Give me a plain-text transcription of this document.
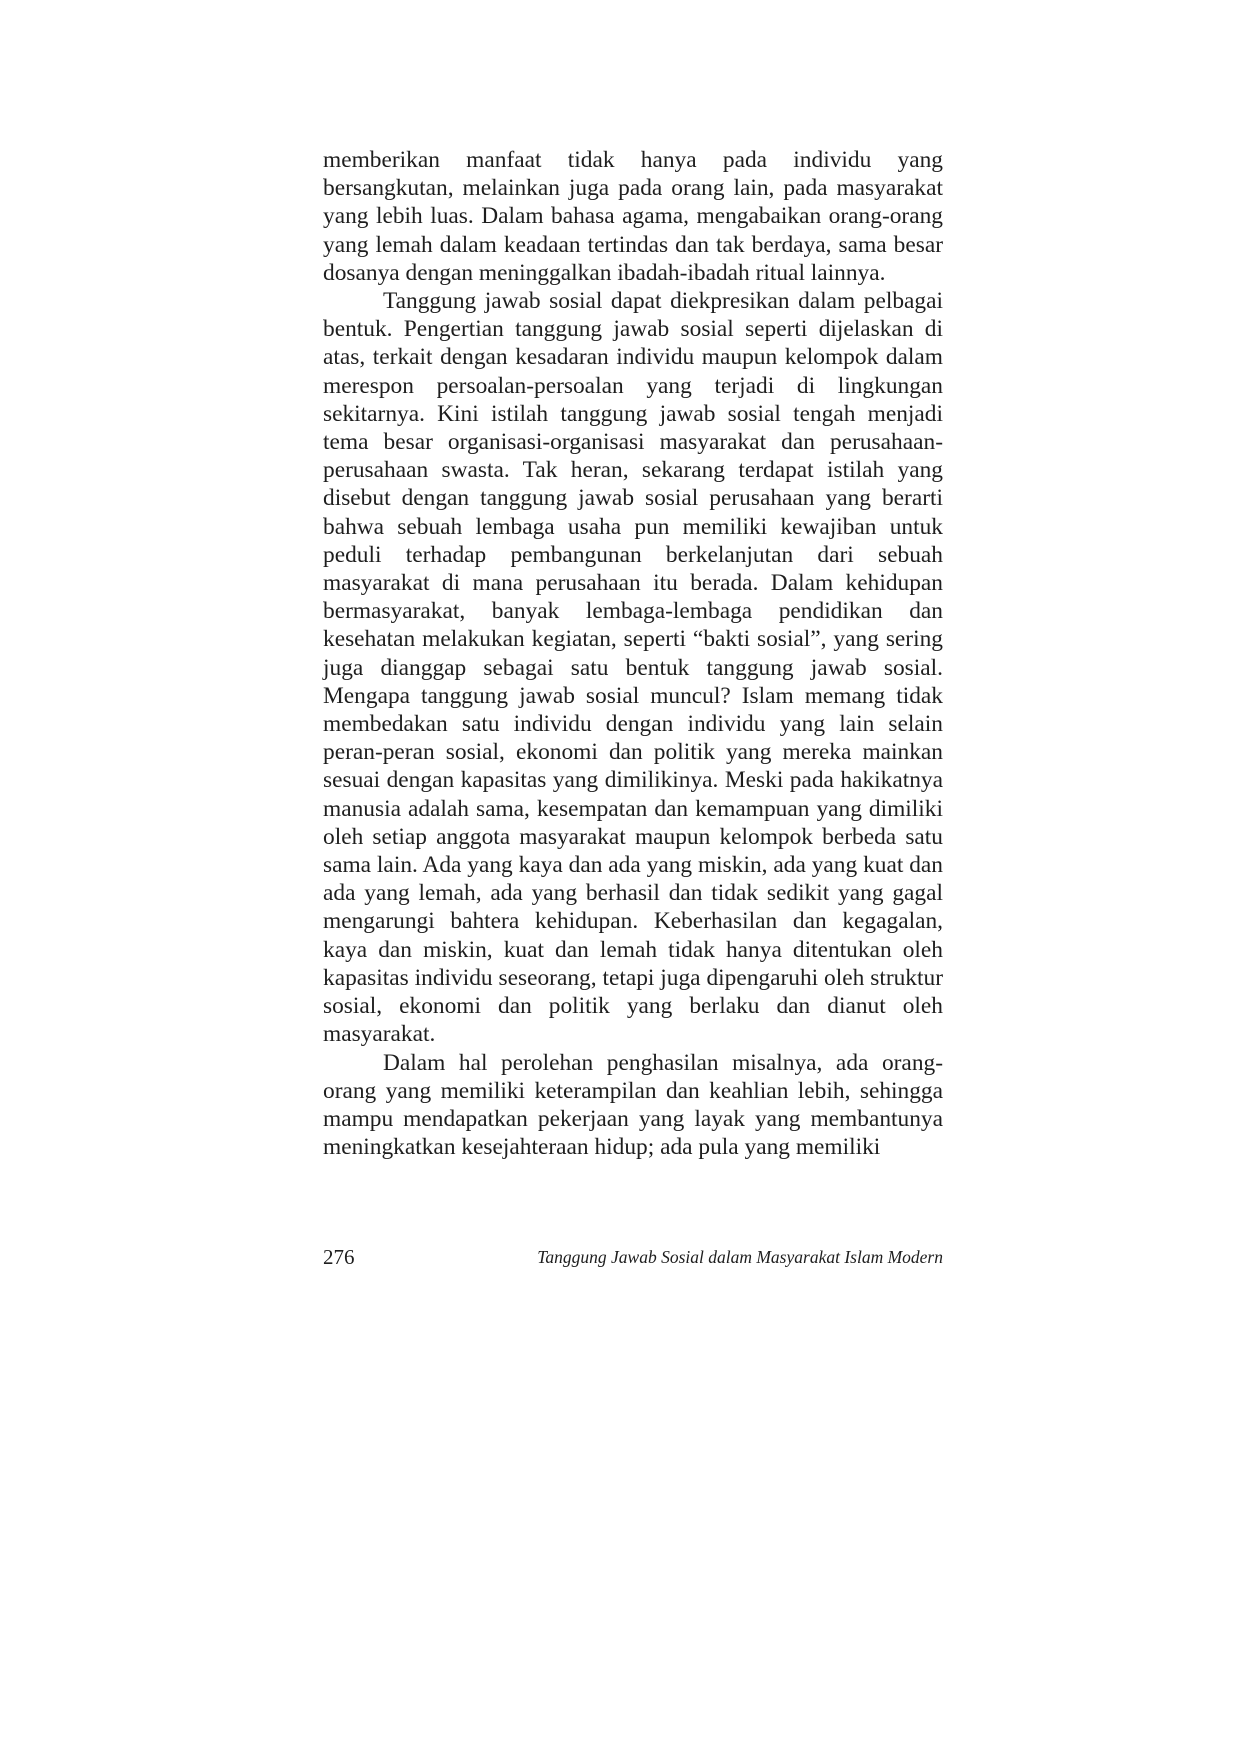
memberikan manfaat tidak hanya pada individu yang bersangkutan, melainkan juga pada orang lain, pada masyarakat yang lebih luas. Dalam bahasa agama, mengabaikan orang-orang yang lemah dalam keadaan tertindas dan tak berdaya, sama besar dosanya dengan meninggalkan ibadah-ibadah ritual lainnya.

Tanggung jawab sosial dapat diekpresikan dalam pelbagai bentuk. Pengertian tanggung jawab sosial seperti dijelaskan di atas, terkait dengan kesadaran individu maupun kelompok dalam merespon persoalan-persoalan yang terjadi di lingkungan sekitarnya. Kini istilah tanggung jawab sosial tengah menjadi tema besar organisasi-organisasi masyarakat dan perusahaan-perusahaan swasta. Tak heran, sekarang terdapat istilah yang disebut dengan tanggung jawab sosial perusahaan yang berarti bahwa sebuah lembaga usaha pun memiliki kewajiban untuk peduli terhadap pembangunan berkelanjutan dari sebuah masyarakat di mana perusahaan itu berada. Dalam kehidupan bermasyarakat, banyak lembaga-lembaga pendidikan dan kesehatan melakukan kegiatan, seperti “bakti sosial”, yang sering juga dianggap sebagai satu bentuk tanggung jawab sosial. Mengapa tanggung jawab sosial muncul? Islam memang tidak membedakan satu individu dengan individu yang lain selain peran-peran sosial, ekonomi dan politik yang mereka mainkan sesuai dengan kapasitas yang dimilikinya. Meski pada hakikatnya manusia adalah sama, kesempatan dan kemampuan yang dimiliki oleh setiap anggota masyarakat maupun kelompok berbeda satu sama lain. Ada yang kaya dan ada yang miskin, ada yang kuat dan ada yang lemah, ada yang berhasil dan tidak sedikit yang gagal mengarungi bahtera kehidupan. Keberhasilan dan kegagalan, kaya dan miskin, kuat dan lemah tidak hanya ditentukan oleh kapasitas individu seseorang, tetapi juga dipengaruhi oleh struktur sosial, ekonomi dan politik yang berlaku dan dianut oleh masyarakat.

Dalam hal perolehan penghasilan misalnya, ada orang-orang yang memiliki keterampilan dan keahlian lebih, sehingga mampu mendapatkan pekerjaan yang layak yang membantunya meningkatkan kesejahteraan hidup; ada pula yang memiliki

276	Tanggung Jawab Sosial dalam Masyarakat Islam Modern
